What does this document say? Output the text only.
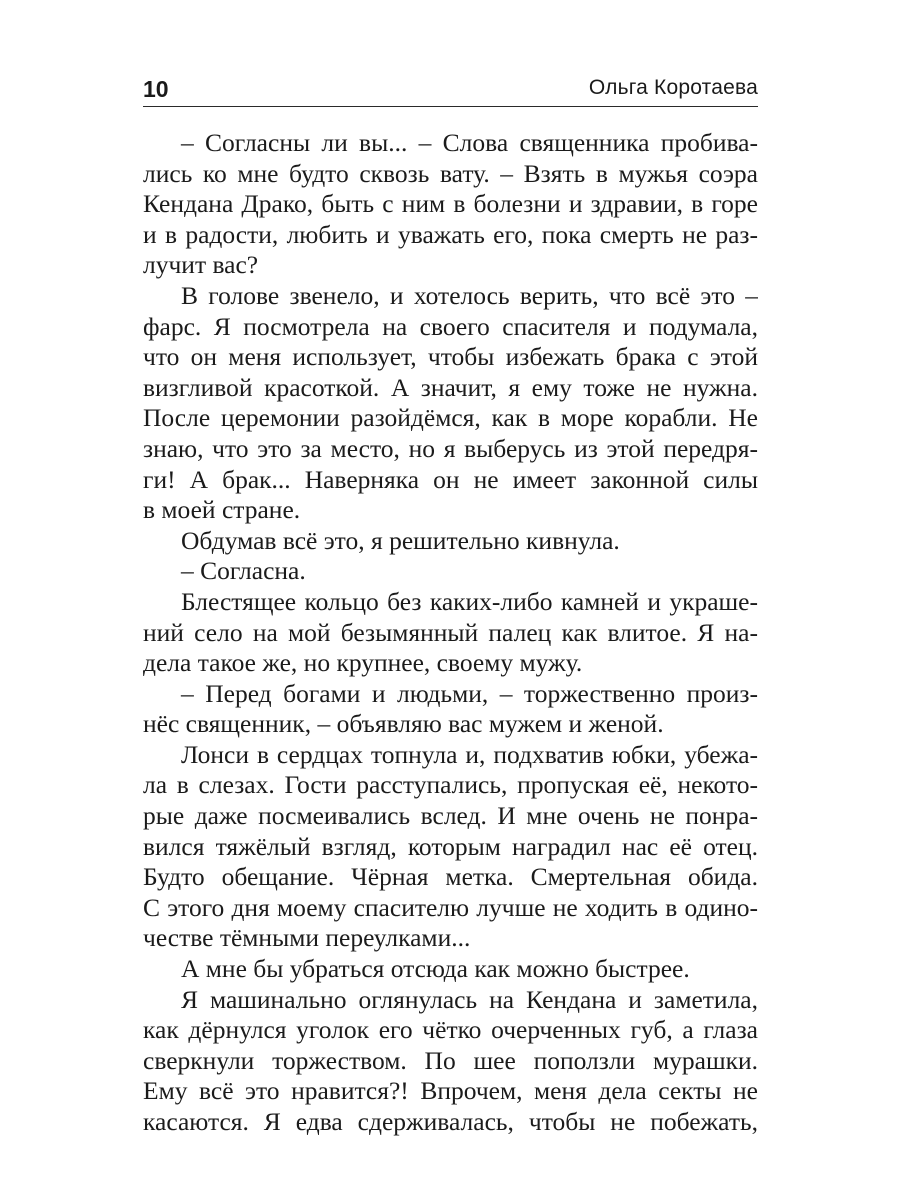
10	Ольга Коротаева
– Согласны ли вы... – Слова священника пробива-
лись ко мне будто сквозь вату. – Взять в мужья соэра
Кендана Драко, быть с ним в болезни и здравии, в горе
и в радости, любить и уважать его, пока смерть не раз-
лучит вас?
В голове звенело, и хотелось верить, что всё это –
фарс. Я посмотрела на своего спасителя и подумала,
что он меня использует, чтобы избежать брака с этой
визгливой красоткой. А значит, я ему тоже не нужна.
После церемонии разойдёмся, как в море корабли. Не
знаю, что это за место, но я выберусь из этой передря-
ги! А брак... Наверняка он не имеет законной силы
в моей стране.
Обдумав всё это, я решительно кивнула.
– Согласна.
Блестящее кольцо без каких-либо камней и украше-
ний село на мой безымянный палец как влитое. Я на-
дела такое же, но крупнее, своему мужу.
– Перед богами и людьми, – торжественно произ-
нёс священник, – объявляю вас мужем и женой.
Лонси в сердцах топнула и, подхватив юбки, убежа-
ла в слезах. Гости расступались, пропуская её, некото-
рые даже посмеивались вслед. И мне очень не понра-
вился тяжёлый взгляд, которым наградил нас её отец.
Будто обещание. Чёрная метка. Смертельная обида.
С этого дня моему спасителю лучше не ходить в одино-
честве тёмными переулками...
А мне бы убраться отсюда как можно быстрее.
Я машинально оглянулась на Кендана и заметила,
как дёрнулся уголок его чётко очерченных губ, а глаза
сверкнули торжеством. По шее поползли мурашки.
Ему всё это нравится?! Впрочем, меня дела секты не
касаются. Я едва сдерживалась, чтобы не побежать,
